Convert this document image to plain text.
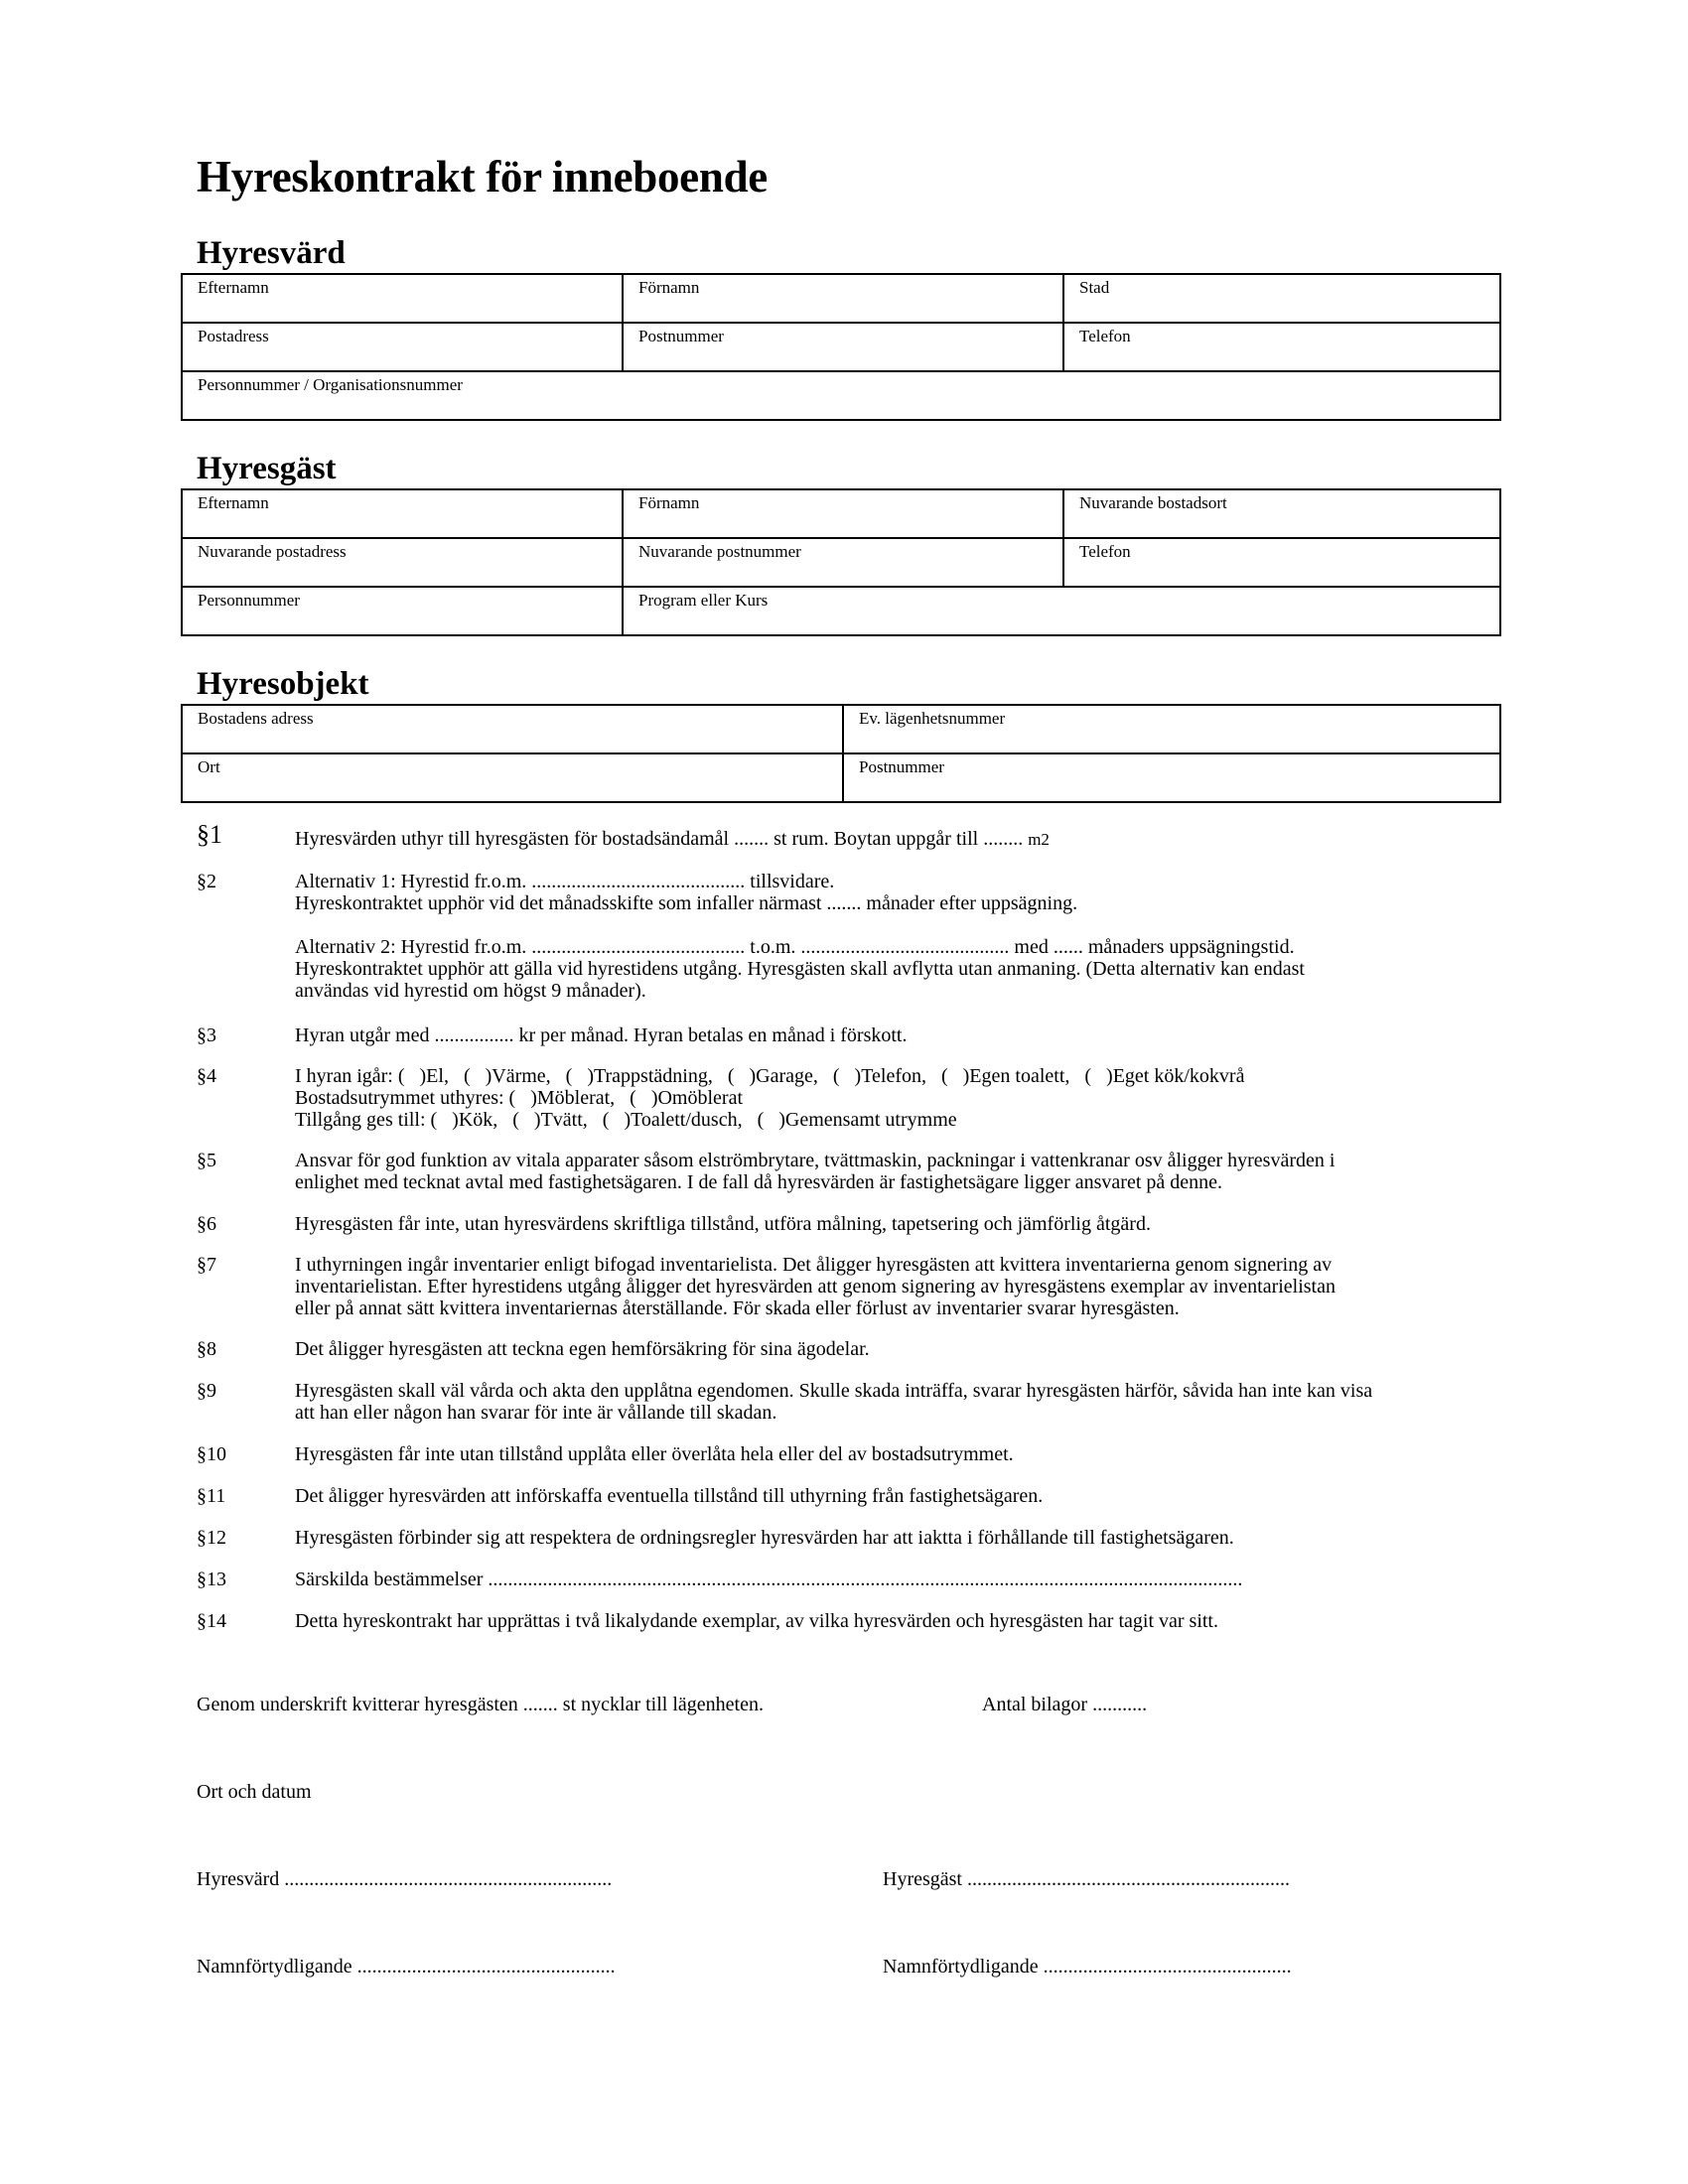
Hyreskontrakt för inneboende
Hyresvärd
Efternamn	Förnamn	Stad
Postadress	Postnummer	Telefon
Personnummer / Organisationsnummer
Hyresgäst
Efternamn	Förnamn	Nuvarande bostadsort
Nuvarande postadress	Nuvarande postnummer	Telefon
Personnummer	Program eller Kurs
Hyresobjekt
Bostadens adress	Ev. lägenhetsnummer
Ort	Postnummer
§1	Hyresvärden uthyr till hyresgästen för bostadsändamål ....... st rum. Boytan uppgår till ........ m2

§2	Alternativ 1: Hyrestid fr.o.m. ........................................... tillsvidare.

Hyreskontraktet upphör vid det månadsskifte som infaller närmast ....... månader efter uppsägning.

Alternativ 2: Hyrestid fr.o.m. ........................................... t.o.m. .......................................... med ...... månaders uppsägningstid.

Hyreskontraktet upphör att gälla vid hyrestidens utgång. Hyresgästen skall avflytta utan anmaning. (Detta alternativ kan endast

användas vid hyrestid om högst 9 månader).

§3	Hyran utgår med ................ kr per månad. Hyran betalas en månad i förskott.

§4	I hyran igår: (   )El,   (   )Värme,   (   )Trappstädning,   (   )Garage,   (   )Telefon,   (   )Egen toalett,   (   )Eget kök/kokvrå

Bostadsutrymmet uthyres: (   )Möblerat,   (   )Omöblerat

Tillgång ges till: (   )Kök,   (   )Tvätt,   (   )Toalett/dusch,   (   )Gemensamt utrymme

§5	Ansvar för god funktion av vitala apparater såsom elströmbrytare, tvättmaskin, packningar i vattenkranar osv åligger hyresvärden i

enlighet med tecknat avtal med fastighetsägaren. I de fall då hyresvärden är fastighetsägare ligger ansvaret på denne.

§6	Hyresgästen får inte, utan hyresvärdens skriftliga tillstånd, utföra målning, tapetsering och jämförlig åtgärd.

§7	I uthyrningen ingår inventarier enligt bifogad inventarielista. Det åligger hyresgästen att kvittera inventarierna genom signering av

inventarielistan. Efter hyrestidens utgång åligger det hyresvärden att genom signering av hyresgästens exemplar av inventarielistan

eller på annat sätt kvittera inventariernas återställande. För skada eller förlust av inventarier svarar hyresgästen.

§8	Det åligger hyresgästen att teckna egen hemförsäkring för sina ägodelar.

§9	Hyresgästen skall väl vårda och akta den upplåtna egendomen. Skulle skada inträffa, svarar hyresgästen härför, såvida han inte kan visa

att han eller någon han svarar för inte är vållande till skadan.

§10	Hyresgästen får inte utan tillstånd upplåta eller överlåta hela eller del av bostadsutrymmet.

§11	Det åligger hyresvärden att införskaffa eventuella tillstånd till uthyrning från fastighetsägaren.

§12	Hyresgästen förbinder sig att respektera de ordningsregler hyresvärden har att iaktta i förhållande till fastighetsägaren.

§13	Särskilda bestämmelser ........................................................................................................................................................

§14	Detta hyreskontrakt har upprättas i två likalydande exemplar, av vilka hyresvärden och hyresgästen har tagit var sitt.

Genom underskrift kvitterar hyresgästen ....... st nycklar till lägenheten.	Antal bilagor ...........
Ort och datum
Hyresvärd ..................................................................	Hyresgäst .................................................................
Namnförtydligande ....................................................	Namnförtydligande ..................................................
